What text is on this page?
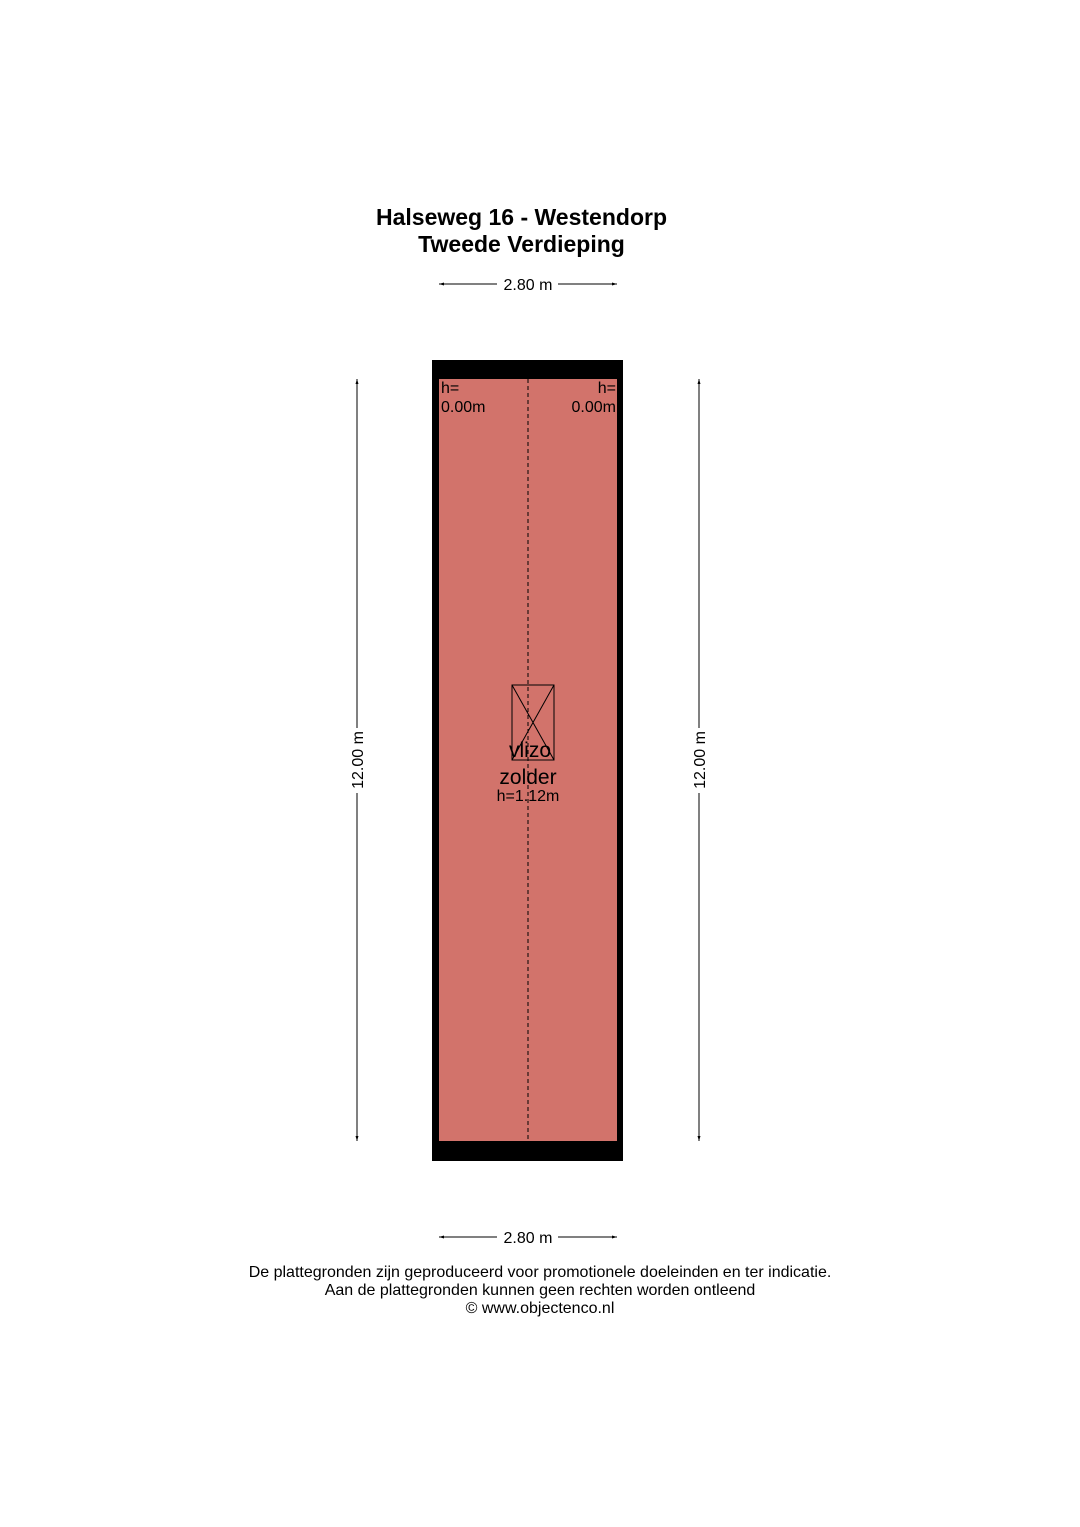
Halseweg 16 - Westendorp
Tweede Verdieping
2.80 m
h=
0.00m
h=
0.00m
vlizo
zolder
h=1.12m
12.00 m	12.00 m
2.80 m
De plattegronden zijn geproduceerd voor promotionele doeleinden en ter indicatie.
Aan de plattegronden kunnen geen rechten worden ontleend
© www.objectenco.nl
